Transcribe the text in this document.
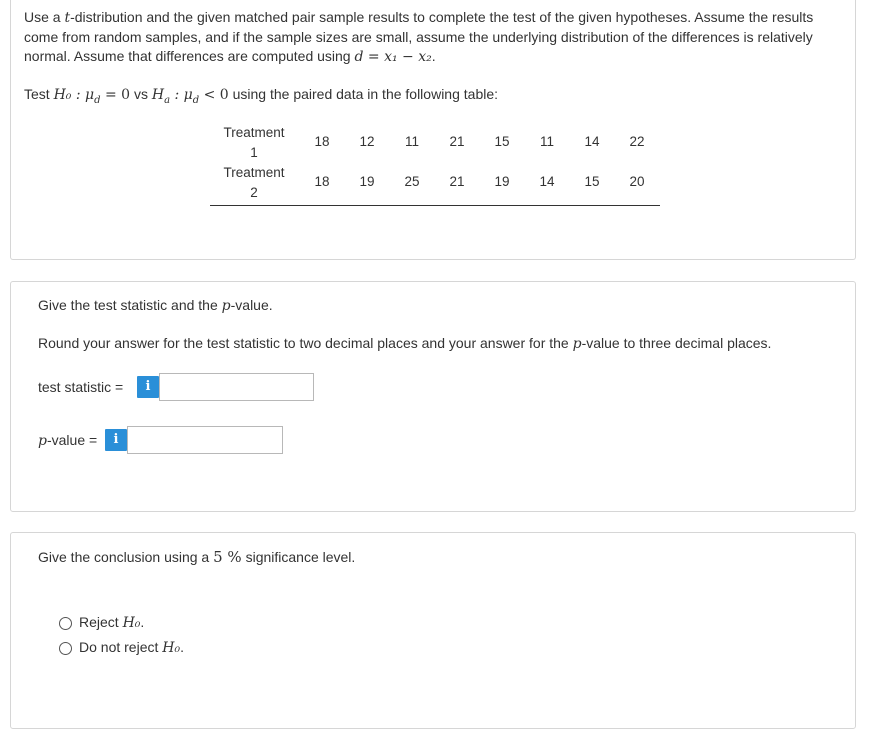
Use a t-distribution and the given matched pair sample results to complete the test of the given hypotheses. Assume the results come from random samples, and if the sample sizes are small, assume the underlying distribution of the differences is relatively normal. Assume that differences are computed using d = x₁ − x₂.
Test H₀ : $\mu_d = 0$ vs $H_a$ : $\mu_d < 0$ using the paired data in the following table:
Treatment
1
18	12	11	21	15	11	14	22
Treatment
2
18	19	25	21	19	14	15	20
Give the test statistic and the p-value.
Round your answer for the test statistic to two decimal places and your answer for the p-value to three decimal places.
test statistic =	i
p-value =	i
Give the conclusion using a 5 % significance level.
Reject H₀.
Do not reject H₀.
